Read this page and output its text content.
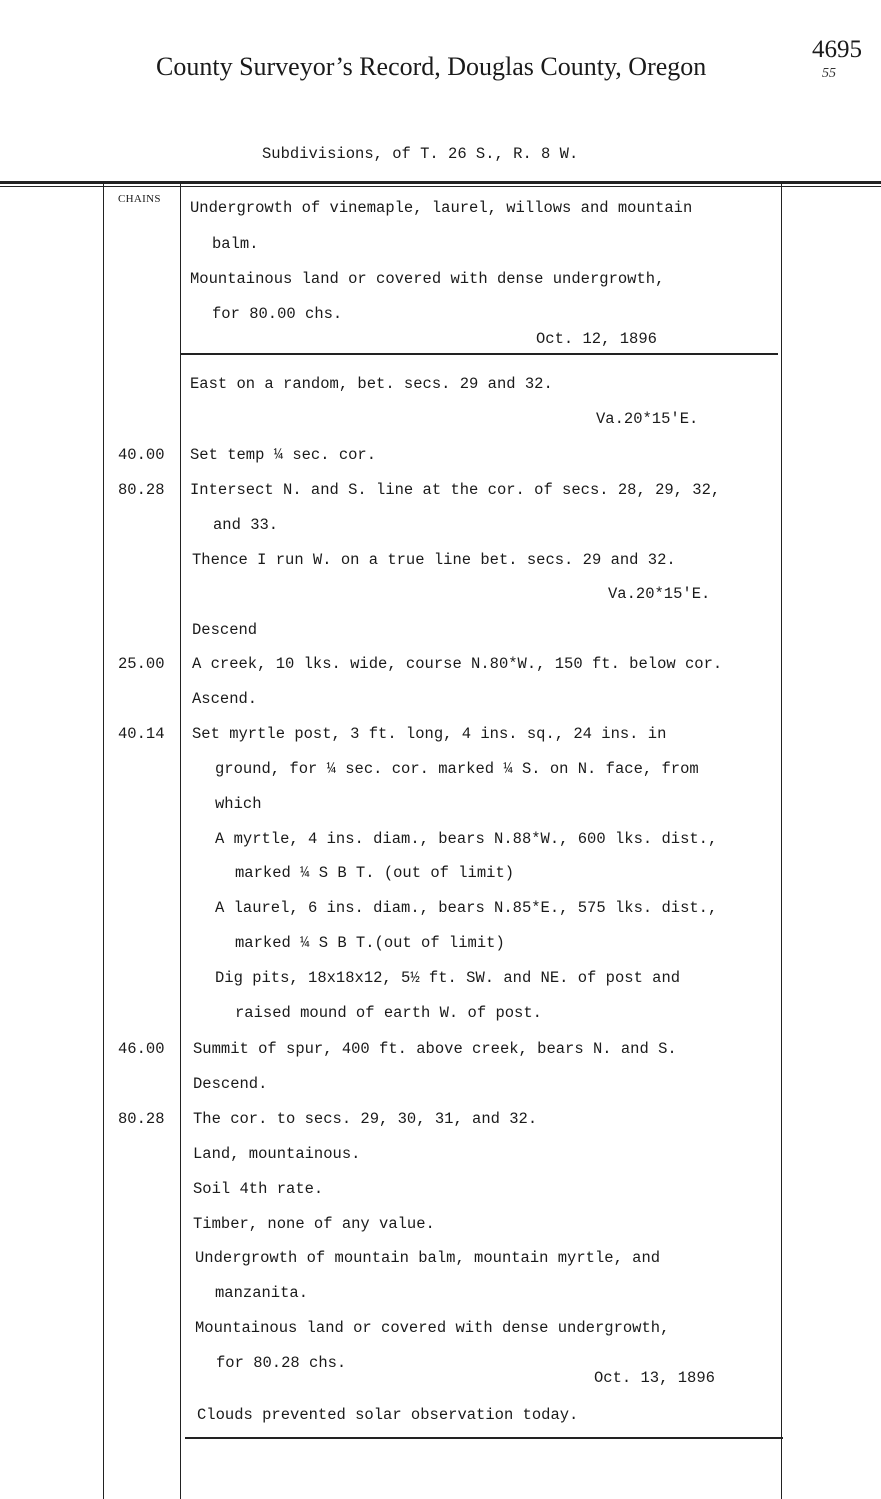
County Surveyor’s Record, Douglas County, Oregon
4695
55
Subdivisions, of T. 26 S., R. 8 W.
CHAINS Undergrowth of vinemaple, laurel, willows and mountain
balm.
Mountainous land or covered with dense undergrowth,
for 80.00 chs.
Oct. 12, 1896
East on a random, bet. secs. 29 and 32.
Va.20*15'E.
40.00	Set temp ¼ sec. cor.
80.28	Intersect N. and S. line at the cor. of secs. 28, 29, 32,
and 33.
Thence I run W. on a true line bet. secs. 29 and 32.
Va.20*15'E.
Descend
25.00	A creek, 10 lks. wide, course N.80*W., 150 ft. below cor.
Ascend.
40.14	Set myrtle post, 3 ft. long, 4 ins. sq., 24 ins. in
ground, for ¼ sec. cor. marked ¼ S. on N. face, from
which
A myrtle, 4 ins. diam., bears N.88*W., 600 lks. dist.,
marked ¼ S B T. (out of limit)
A laurel, 6 ins. diam., bears N.85*E., 575 lks. dist.,
marked ¼ S B T.(out of limit)
Dig pits, 18x18x12, 5½ ft. SW. and NE. of post and
raised mound of earth W. of post.
46.00	Summit of spur, 400 ft. above creek, bears N. and S.
Descend.
80.28	The cor. to secs. 29, 30, 31, and 32.
Land, mountainous.
Soil 4th rate.
Timber, none of any value.
Undergrowth of mountain balm, mountain myrtle, and
manzanita.
Mountainous land or covered with dense undergrowth,
for 80.28 chs.
Oct. 13, 1896
Clouds prevented solar observation today.
